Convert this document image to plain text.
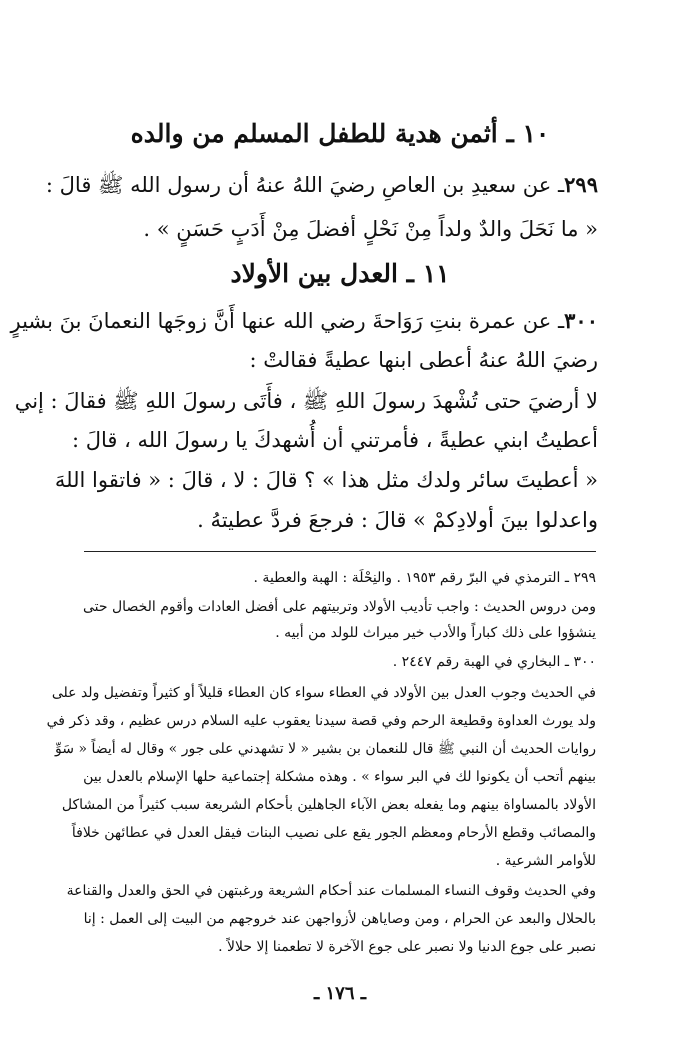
١٠ ـ أثمن هدية للطفل المسلم من والده
٢٩٩ـ عن سعيدِ بن العاصِ رضيَ اللهُ عنهُ أن رسول الله ﷺ قالَ :
« ما نَحَلَ والدٌ ولداً مِنْ نَحْلٍ أفضلَ مِنْ أَدَبٍ حَسَنٍ » .
١١ ـ العدل بين الأولاد
٣٠٠ـ عن عمرة بنتِ رَوَاحةَ رضي الله عنها أَنَّ زوجَها النعمانَ بنَ بشيرٍ
رضيَ اللهُ عنهُ أعطى ابنها عطيةً فقالتْ :
لا أرضيَ حتى تُشْهدَ رسولَ اللهِ ﷺ ، فأَتَى رسولَ اللهِ ﷺ فقالَ : إني
أعطيتُ ابني عطيةً ، فأمرتني أن أُشهدكَ يا رسولَ الله ، قالَ :
« أعطيتَ سائر ولدك مثل هذا » ؟ قالَ : لا ، قالَ : « فاتقوا اللهَ
واعدلوا بينَ أولادِكمْ » قالَ : فرجعَ فردَّ عطيتهُ .
٢٩٩ ـ الترمذي في البرّ رقم ١٩٥٣ . والنِحْلَة : الهبة والعطية .
ومن دروس الحديث : واجب تأديب الأولاد وتربيتهم على أفضل العادات وأقوم الخصال حتى
ينشؤوا على ذلك كباراً والأدب خير ميراث للولد من أبيه .
٣٠٠ ـ البخاري في الهبة رقم ٢٤٤٧ .
في الحديث وجوب العدل بين الأولاد في العطاء سواء كان العطاء قليلاً أو كثيراً وتفضيل ولد على
ولد يورث العداوة وقطيعة الرحم وفي قصة سيدنا يعقوب عليه السلام درس عظيم ، وقد ذكر في
روايات الحديث أن النبي ﷺ قال للنعمان بن بشير « لا تشهدني على جور » وقال له أيضاً « سَوِّ
بينهم أتحب أن يكونوا لك في البر سواء » . وهذه مشكلة إجتماعية حلها الإسلام بالعدل بين
الأولاد بالمساواة بينهم وما يفعله بعض الآباء الجاهلين بأحكام الشريعة سبب كثيراً من المشاكل
والمصائب وقطع الأرحام ومعظم الجور يقع على نصيب البنات فيقل العدل في عطائهن خلافاً
للأوامر الشرعية .
وفي الحديث وقوف النساء المسلمات عند أحكام الشريعة ورغبتهن في الحق والعدل والقناعة
بالحلال والبعد عن الحرام ، ومن وصاياهن لأزواجهن عند خروجهم من البيت إلى العمل : إنا
نصبر على جوع الدنيا ولا نصبر على جوع الآخرة لا تطعمنا إلا حلالاً .
ـ ١٧٦ ـ
